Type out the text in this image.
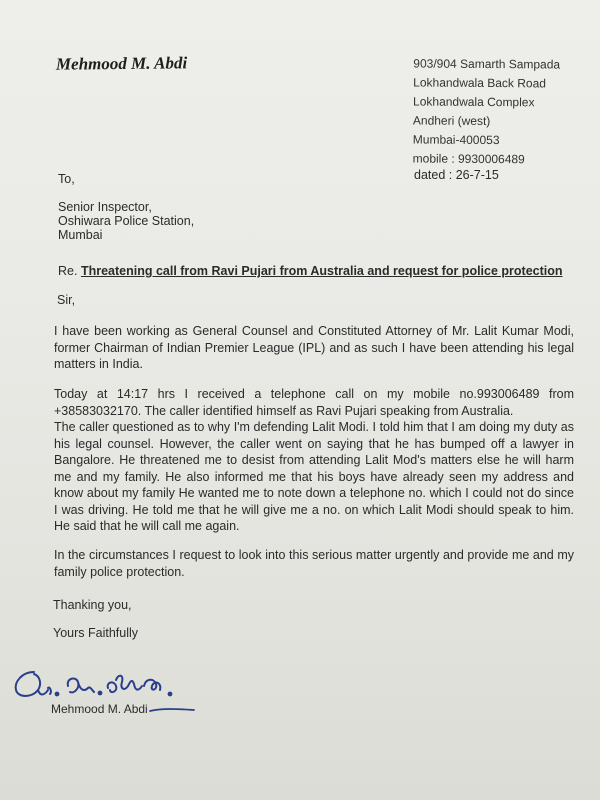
Mehmood M. Abdi	903/904 Samarth Sampada
Lokhandwala Back Road
Lokhandwala Complex
Andheri (west)
Mumbai-400053
mobile : 9930006489
To,	dated : 26-7-15
Senior Inspector,
Oshiwara Police Station,
Mumbai
Re. Threatening call from Ravi Pujari from Australia and request for police protection
Sir,
I have been working as General Counsel and Constituted Attorney of Mr. Lalit Kumar Modi, former Chairman of Indian Premier League (IPL) and as such I have been attending his legal matters in India.
Today at 14:17 hrs I received a telephone call on my mobile no.993006489 from +38583032170. The caller identified himself as Ravi Pujari speaking from Australia.
The caller questioned as to why I'm defending Lalit Modi. I told him that I am doing my duty as his legal counsel. However, the caller went on saying that he has bumped off a lawyer in Bangalore. He threatened me to desist from attending Lalit Mod's matters else he will harm me and my family. He also informed me that his boys have already seen my address and know about my family He wanted me to note down a telephone no. which I could not do since I was driving. He told me that he will give me a no. on which Lalit Modi should speak to him. He said that he will call me again.
In the circumstances I request to look into this serious matter urgently and provide me and my family police protection.
Thanking you,
Yours Faithfully
Mehmood M. Abdi
